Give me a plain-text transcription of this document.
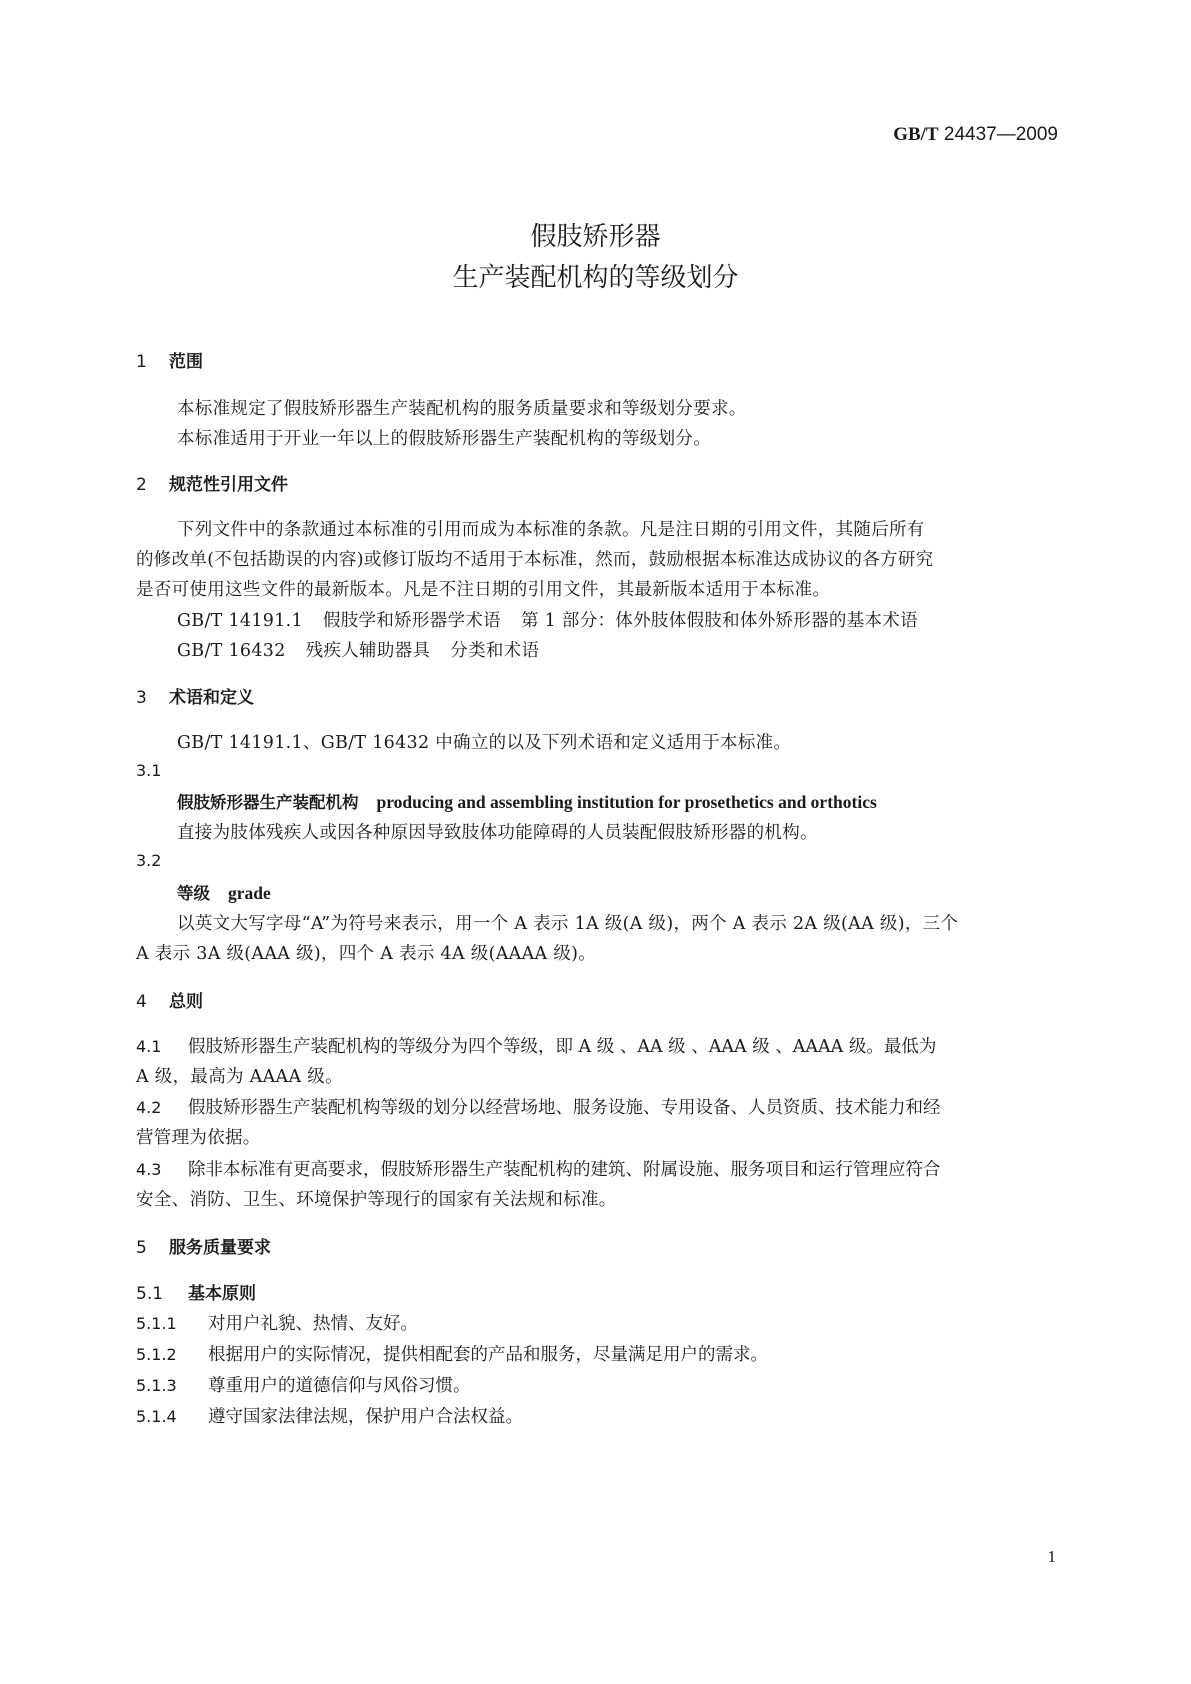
GB/T 24437—2009
假肢矫形器
生产装配机构的等级划分
1 范围
本标准规定了假肢矫形器生产装配机构的服务质量要求和等级划分要求。
本标准适用于开业一年以上的假肢矫形器生产装配机构的等级划分。
2 规范性引用文件
下列文件中的条款通过本标准的引用而成为本标准的条款。凡是注日期的引用文件，其随后所有
的修改单(不包括勘误的内容)或修订版均不适用于本标准，然而，鼓励根据本标准达成协议的各方研究
是否可使用这些文件的最新版本。凡是不注日期的引用文件，其最新版本适用于本标准。
GB/T 14191.1 假肢学和矫形器学术语 第 1 部分：体外肢体假肢和体外矫形器的基本术语
GB/T 16432 残疾人辅助器具 分类和术语
3 术语和定义
GB/T 14191.1、GB/T 16432 中确立的以及下列术语和定义适用于本标准。
3.1
假肢矫形器生产装配机构 producing and assembling institution for prosethetics and orthotics
直接为肢体残疾人或因各种原因导致肢体功能障碍的人员装配假肢矫形器的机构。
3.2
等级 grade
以英文大写字母“A”为符号来表示，用一个 A 表示 1A 级(A 级)，两个 A 表示 2A 级(AA 级)，三个
A 表示 3A 级(AAA 级)，四个 A 表示 4A 级(AAAA 级)。
4 总则
4.1 假肢矫形器生产装配机构的等级分为四个等级，即 A 级 、AA 级 、AAA 级 、AAAA 级。最低为
A 级，最高为 AAAA 级。
4.2 假肢矫形器生产装配机构等级的划分以经营场地、服务设施、专用设备、人员资质、技术能力和经
营管理为依据。
4.3 除非本标准有更高要求，假肢矫形器生产装配机构的建筑、附属设施、服务项目和运行管理应符合
安全、消防、卫生、环境保护等现行的国家有关法规和标准。
5 服务质量要求
5.1 基本原则
5.1.1 对用户礼貌、热情、友好。
5.1.2 根据用户的实际情况，提供相配套的产品和服务，尽量满足用户的需求。
5.1.3 尊重用户的道德信仰与风俗习惯。
5.1.4 遵守国家法律法规，保护用户合法权益。
1
